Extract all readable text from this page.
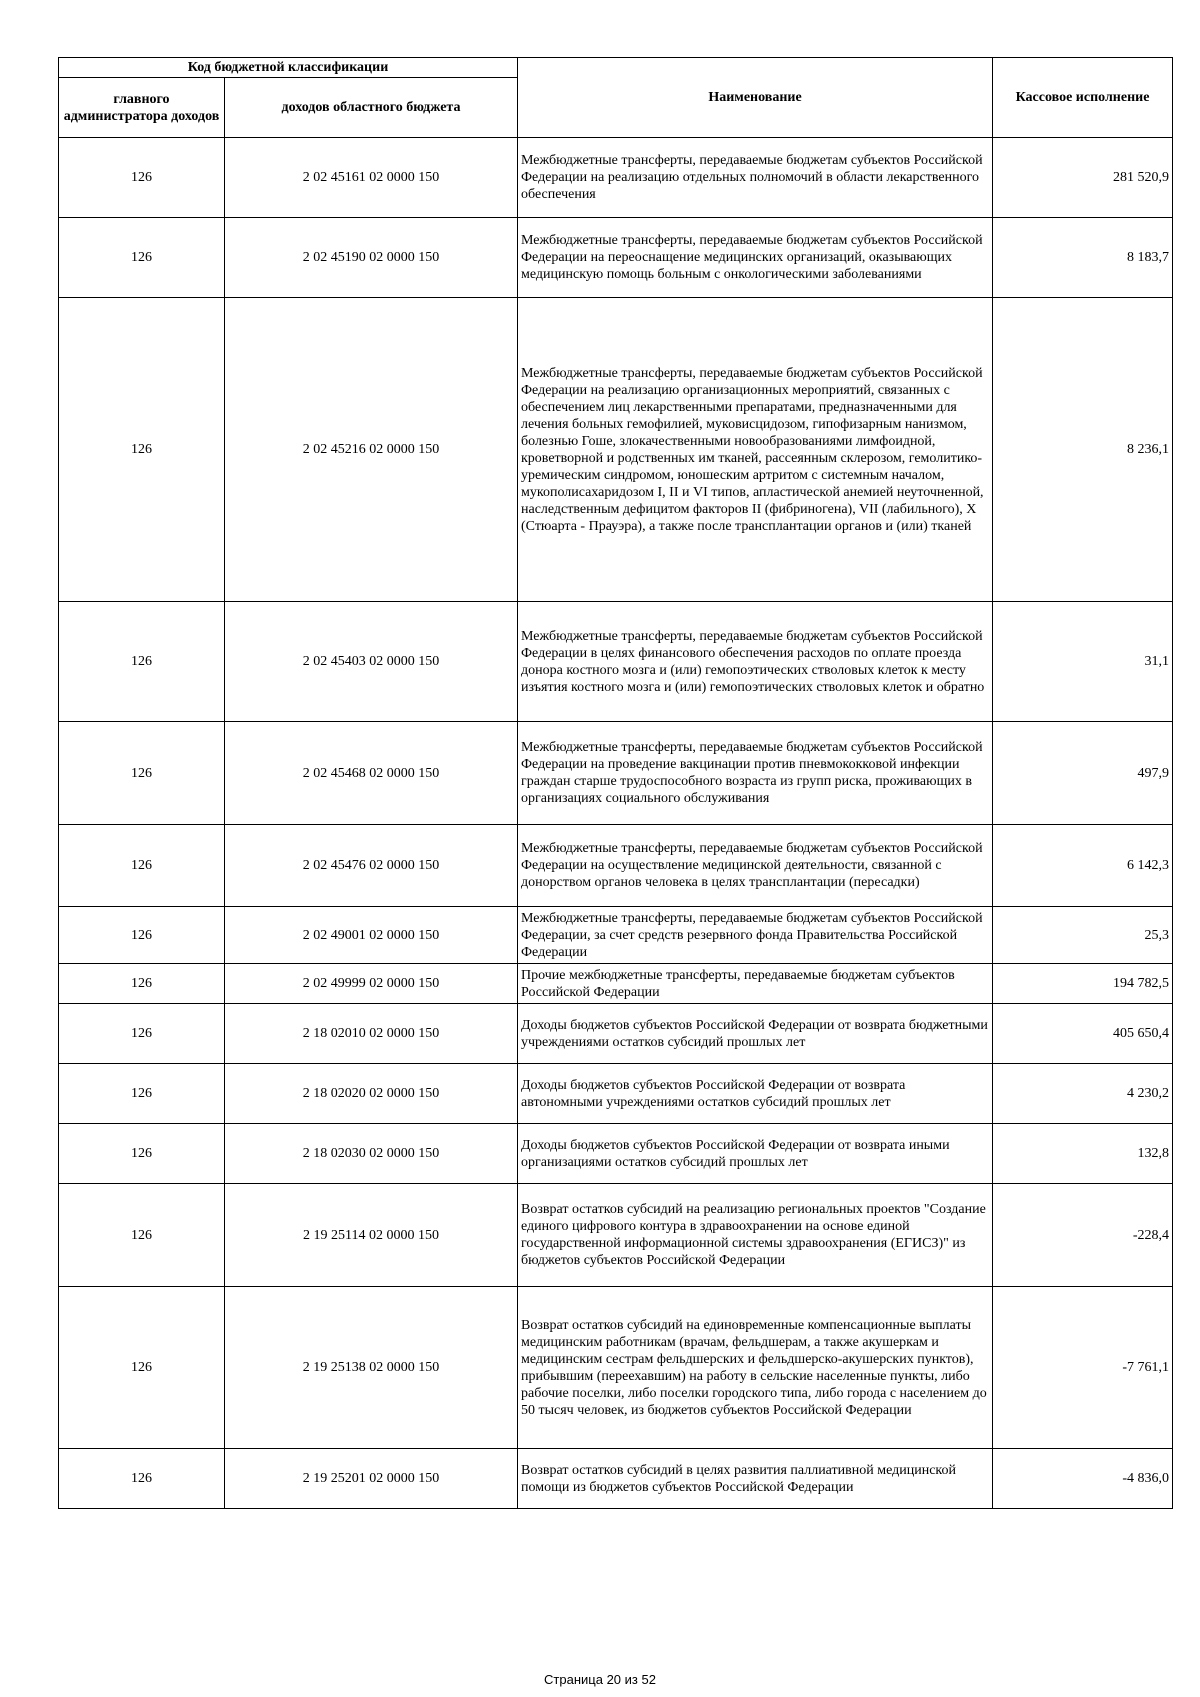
Код бюджетной классификации		Наименование	Кассовое исполнение
главного администратора доходов	доходов областного бюджета		
126	2 02 45161 02 0000 150	Межбюджетные трансферты, передаваемые бюджетам субъектов Российской Федерации на реализацию отдельных полномочий в области лекарственного обеспечения	281 520,9
126	2 02 45190 02 0000 150	Межбюджетные трансферты, передаваемые бюджетам субъектов Российской Федерации на переоснащение медицинских организаций, оказывающих медицинскую помощь больным с онкологическими заболеваниями	8 183,7
126	2 02 45216 02 0000 150	Межбюджетные трансферты, передаваемые бюджетам субъектов Российской Федерации на реализацию организационных мероприятий, связанных с обеспечением лиц лекарственными препаратами, предназначенными для лечения больных гемофилией, муковисцидозом, гипофизарным нанизмом, болезнью Гоше, злокачественными новообразованиями лимфоидной, кроветворной и родственных им тканей, рассеянным склерозом, гемолитико-уремическим синдромом, юношеским артритом с системным началом, мукополисахаридозом I, II и VI типов, апластической анемией неуточненной, наследственным дефицитом факторов II (фибриногена), VII (лабильного), X (Стюарта - Прауэра), а также после трансплантации органов и (или) тканей	8 236,1
126	2 02 45403 02 0000 150	Межбюджетные трансферты, передаваемые бюджетам субъектов Российской Федерации в целях финансового обеспечения расходов по оплате проезда донора костного мозга и (или) гемопоэтических стволовых клеток к месту изъятия костного мозга и (или) гемопоэтических стволовых клеток и обратно	31,1
126	2 02 45468 02 0000 150	Межбюджетные трансферты, передаваемые бюджетам субъектов Российской Федерации на проведение вакцинации против пневмококковой инфекции граждан старше трудоспособного возраста из групп риска, проживающих в организациях социального обслуживания	497,9
126	2 02 45476 02 0000 150	Межбюджетные трансферты, передаваемые бюджетам субъектов Российской Федерации на осуществление медицинской деятельности, связанной с донорством органов человека в целях трансплантации (пересадки)	6 142,3
126	2 02 49001 02 0000 150	Межбюджетные трансферты, передаваемые бюджетам субъектов Российской Федерации, за счет средств резервного фонда Правительства Российской Федерации	25,3
126	2 02 49999 02 0000 150	Прочие межбюджетные трансферты, передаваемые бюджетам субъектов Российской Федерации	194 782,5
126	2 18 02010 02 0000 150	Доходы бюджетов субъектов Российской Федерации от возврата бюджетными учреждениями остатков субсидий прошлых лет	405 650,4
126	2 18 02020 02 0000 150	Доходы бюджетов субъектов Российской Федерации от возврата автономными учреждениями остатков субсидий прошлых лет	4 230,2
126	2 18 02030 02 0000 150	Доходы бюджетов субъектов Российской Федерации от возврата иными организациями остатков субсидий прошлых лет	132,8
126	2 19 25114 02 0000 150	Возврат остатков субсидий на реализацию региональных проектов "Создание единого цифрового контура в здравоохранении на основе единой государственной информационной системы здравоохранения (ЕГИСЗ)" из бюджетов субъектов Российской Федерации	-228,4
126	2 19 25138 02 0000 150	Возврат остатков субсидий на единовременные компенсационные выплаты медицинским работникам (врачам, фельдшерам, а также акушеркам и медицинским сестрам фельдшерских и фельдшерско-акушерских пунктов), прибывшим (переехавшим) на работу в сельские населенные пункты, либо рабочие поселки, либо поселки городского типа, либо города с населением до 50 тысяч человек, из бюджетов субъектов Российской Федерации	-7 761,1
126	2 19 25201 02 0000 150	Возврат остатков субсидий в целях развития паллиативной медицинской помощи из бюджетов субъектов Российской Федерации	-4 836,0
Страница 20 из 52
